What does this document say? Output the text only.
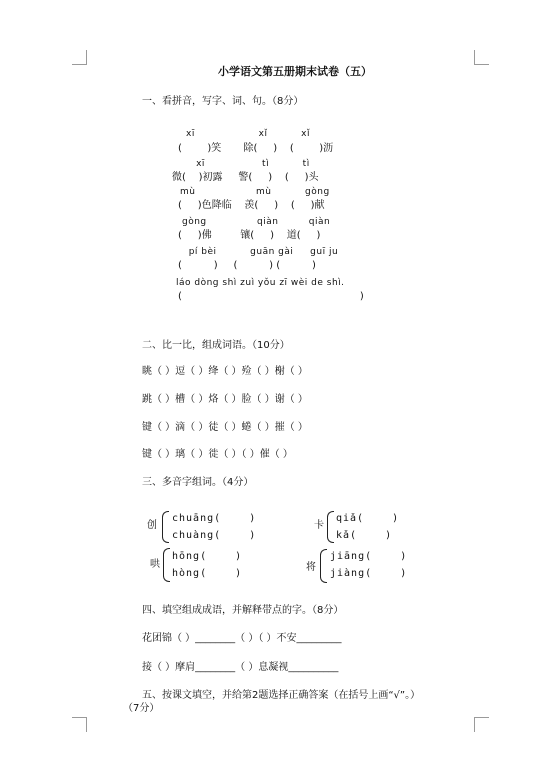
小学语文第五册期末试卷（五）
一、看拼音，写字、词、句。（8分）
xī                   xǐ          xǐ
(        )笑       除(     )    (        )沥
xī                 tì          tì
微(    )初露     警(     )    (     )头
mù                  mù          gòng
(     )色降临    羡(     )    (     )献
gòng               qiàn         qiàn
(     )佛         镶(     )    道(     )
pí bèi          guān gài     guī ju
(          )     (          ) (          )
láo dòng shì zuì yǒu zī wèi de shì.
(                                                        )
二、比一比，组成词语。（10分）
眺（ ）逗（ ）绛（ ）殓（ ）榭（ ）
跳（ ）槽（ ）烙（ ）脸（ ）谢（ ）
键（ ）滴（ ）徒（ ）蜷（ ）摧（ ）
键（ ）璃（ ）徙（ ）（ ）催（ ）
三、多音字组词。（4分）
创
chuāng(    )
chuàng(    )
卡
qiǎ(    )
kǎ(    )
哄
hōng(    )
hòng(    )
将
jiāng(    )
jiàng(    )
四、填空组成成语，并解释带点的字。（8分）
花团锦（ ）________（ ）（ ）不安_________
接（ ）摩肩________（ ）息凝视__________
五、按课文填空，并给第2题选择正确答案（在括号上画“√”。）
（7分）
